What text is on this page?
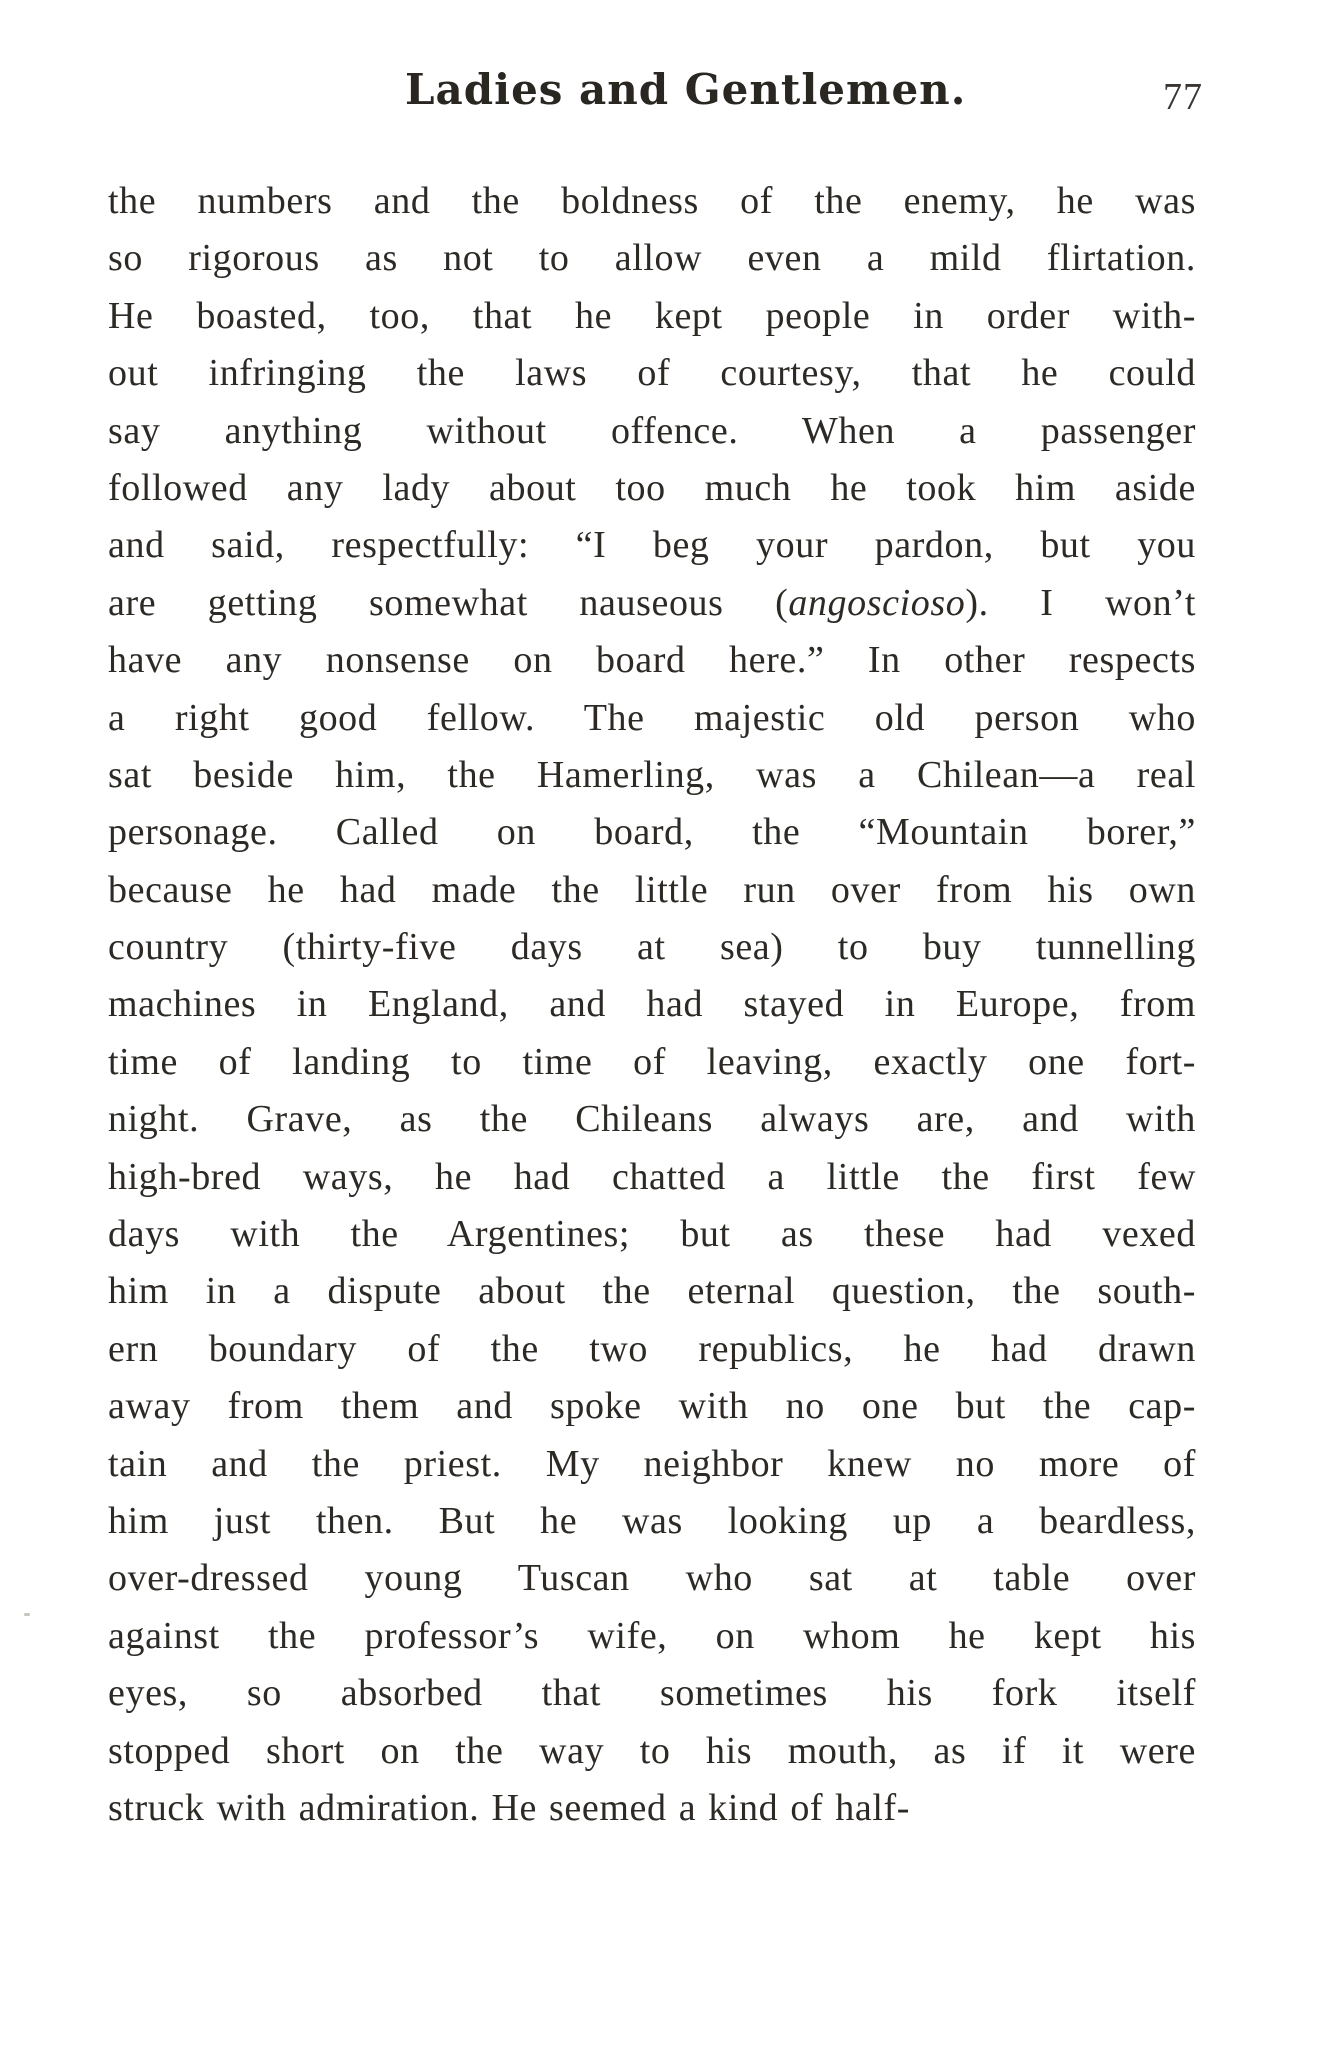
Ladies and Gentlemen.	77
the numbers and the boldness of the enemy, he was
so rigorous as not to allow even a mild flirtation.
He boasted, too, that he kept people in order with-
out infringing the laws of courtesy, that he could
say anything without offence. When a passenger
followed any lady about too much he took him aside
and said, respectfully: “I beg your pardon, but you
are getting somewhat nauseous (angoscioso). I won’t
have any nonsense on board here.” In other respects
a right good fellow. The majestic old person who
sat beside him, the Hamerling, was a Chilean—a real
personage. Called on board, the “Mountain borer,”
because he had made the little run over from his own
country (thirty-five days at sea) to buy tunnelling
machines in England, and had stayed in Europe, from
time of landing to time of leaving, exactly one fort-
night. Grave, as the Chileans always are, and with
high-bred ways, he had chatted a little the first few
days with the Argentines; but as these had vexed
him in a dispute about the eternal question, the south-
ern boundary of the two republics, he had drawn
away from them and spoke with no one but the cap-
tain and the priest. My neighbor knew no more of
him just then. But he was looking up a beardless,
over-dressed young Tuscan who sat at table over
against the professor’s wife, on whom he kept his
eyes, so absorbed that sometimes his fork itself
stopped short on the way to his mouth, as if it were
struck with admiration. He seemed a kind of half-
